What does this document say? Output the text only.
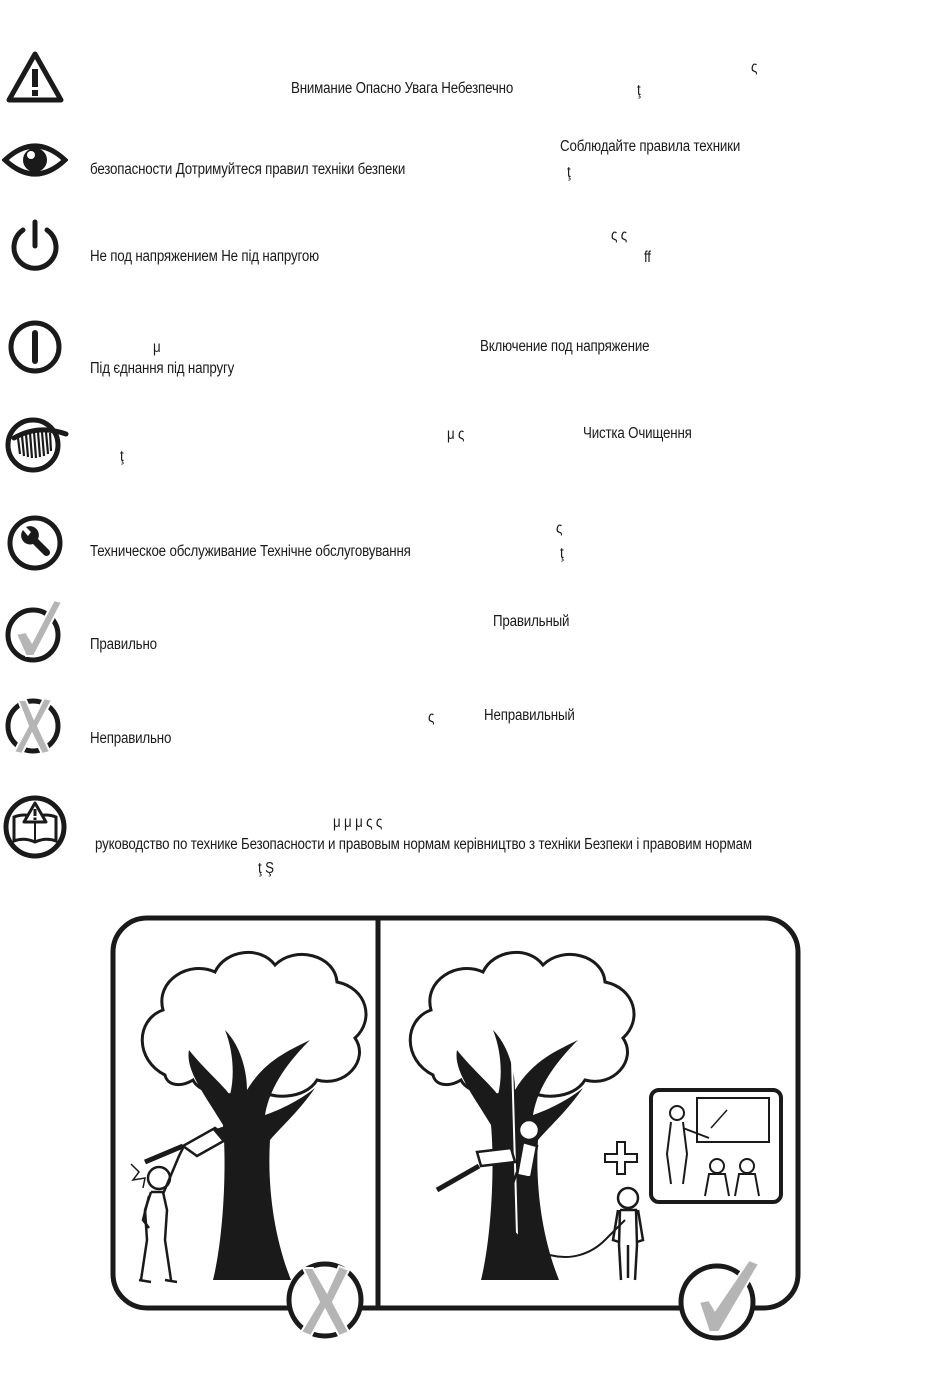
ς
Внимание Опасно Увага Небезпечно	ţ
Соблюдайте правила техники
безопасности Дотримуйтеся правил техніки безпеки	ţ
ς ς
Не под напряжением Не під напругою	ff
μ	Включение под напряжение
Під єднання під напругу
μ ς	Чистка Очищення
ţ
ς
Техническое обслуживание Технічне обслуговування	ţ
Правильный
Правильно
ς	Неправильный
Неправильно
μ μ μ ς ς
руководство по технике Безопасности и правовым нормам керівництво з техніки Безпеки і правовим нормам
ţ Ş
